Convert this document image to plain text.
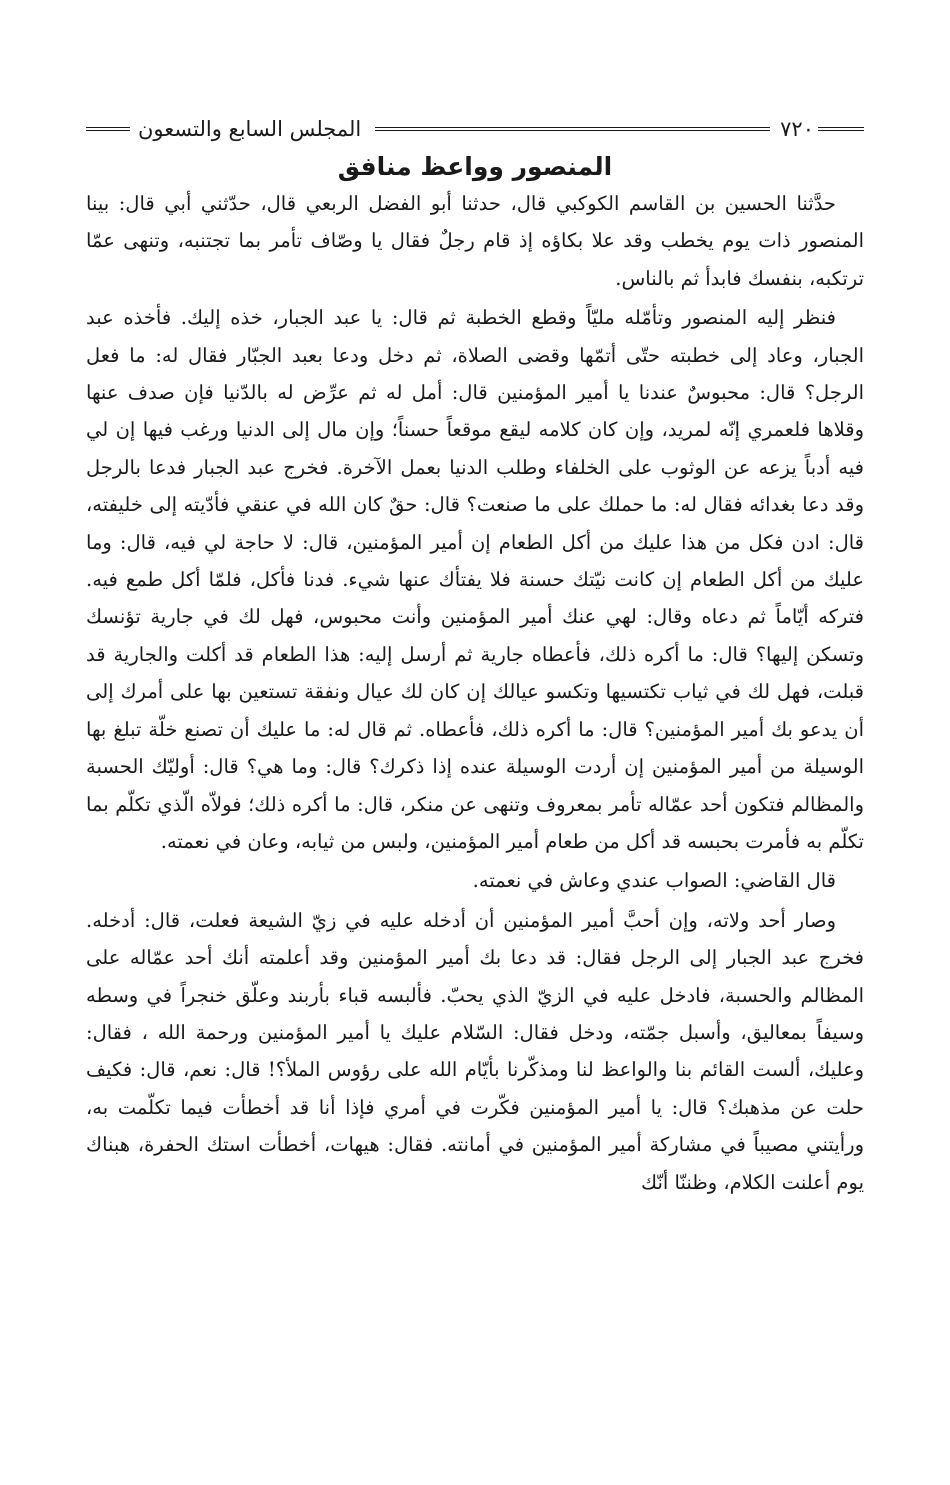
٧٢٠
المجلس السابع والتسعون
المنصور وواعظ منافق

حدَّثنا الحسين بن القاسم الكوكبي قال، حدثنا أبو الفضل الربعي قال، حدّثني أبي قال: بينا المنصور ذات يوم يخطب وقد علا بكاؤه إذ قام رجلٌ فقال يا وصّاف تأمر بما تجتنبه، وتنهى عمّا ترتكبه، بنفسك فابدأ ثم بالناس.

فنظر إليه المنصور وتأمّله مليّاً وقطع الخطبة ثم قال: يا عبد الجبار، خذه إليك. فأخذه عبد الجبار، وعاد إلى خطبته حتّى أتمّها وقضى الصلاة، ثم دخل ودعا بعبد الجبّار فقال له: ما فعل الرجل؟ قال: محبوسٌ عندنا يا أمير المؤمنين قال: أمل له ثم عرِّض له بالدّنيا فإن صدف عنها وقلاها فلعمري إنّه لمريد، وإن كان كلامه ليقع موقعاً حسناً؛ وإن مال إلى الدنيا ورغب فيها إن لي فيه أدباً يزعه عن الوثوب على الخلفاء وطلب الدنيا بعمل الآخرة. فخرج عبد الجبار فدعا بالرجل وقد دعا بغدائه فقال له: ما حملك على ما صنعت؟ قال: حقٌ كان الله في عنقي فأدّيته إلى خليفته، قال: ادن فكل من هذا عليك من أكل الطعام إن أمير المؤمنين، قال: لا حاجة لي فيه، قال: وما عليك من أكل الطعام إن كانت نيّتك حسنة فلا يفتأك عنها شيء. فدنا فأكل، فلمّا أكل طمع فيه. فتركه أيّاماً ثم دعاه وقال: لهي عنك أمير المؤمنين وأنت محبوس، فهل لك في جارية تؤنسك وتسكن إليها؟ قال: ما أكره ذلك، فأعطاه جارية ثم أرسل إليه: هذا الطعام قد أكلت والجارية قد قبلت، فهل لك في ثياب تكتسيها وتكسو عيالك إن كان لك عيال ونفقة تستعين بها على أمرك إلى أن يدعو بك أمير المؤمنين؟ قال: ما أكره ذلك، فأعطاه. ثم قال له: ما عليك أن تصنع خلّة تبلغ بها الوسيلة من أمير المؤمنين إن أردت الوسيلة عنده إذا ذكرك؟ قال: وما هي؟ قال: أوليّك الحسبة والمظالم فتكون أحد عمّاله تأمر بمعروف وتنهى عن منكر، قال: ما أكره ذلك؛ فولاّه الّذي تكلّم بما تكلّم به فأمرت بحبسه قد أكل من طعام أمير المؤمنين، ولبس من ثيابه، وعان في نعمته.

قال القاضي: الصواب عندي وعاش في نعمته.

وصار أحد ولاته، وإن أحبَّ أمير المؤمنين أن أدخله عليه في زيّ الشيعة فعلت، قال: أدخله. فخرج عبد الجبار إلى الرجل فقال: قد دعا بك أمير المؤمنين وقد أعلمته أنك أحد عمّاله على المظالم والحسبة، فادخل عليه في الزيّ الذي يحبّ. فألبسه قباء بأربند وعلّق خنجراً في وسطه وسيفاً بمعاليق، وأسبل جمّته، ودخل فقال: السّلام عليك يا أمير المؤمنين ورحمة الله ، فقال: وعليك، ألست القائم بنا والواعظ لنا ومذكّرنا بأيّام الله على رؤوس الملأ؟! قال: نعم، قال: فكيف حلت عن مذهبك؟ قال: يا أمير المؤمنين فكّرت في أمري فإذا أنا قد أخطأت فيما تكلّمت به، ورأيتني مصيباً في مشاركة أمير المؤمنين في أمانته. فقال: هيهات، أخطأت استك الحفرة، هبناك يوم أعلنت الكلام، وظننّا أنّك
